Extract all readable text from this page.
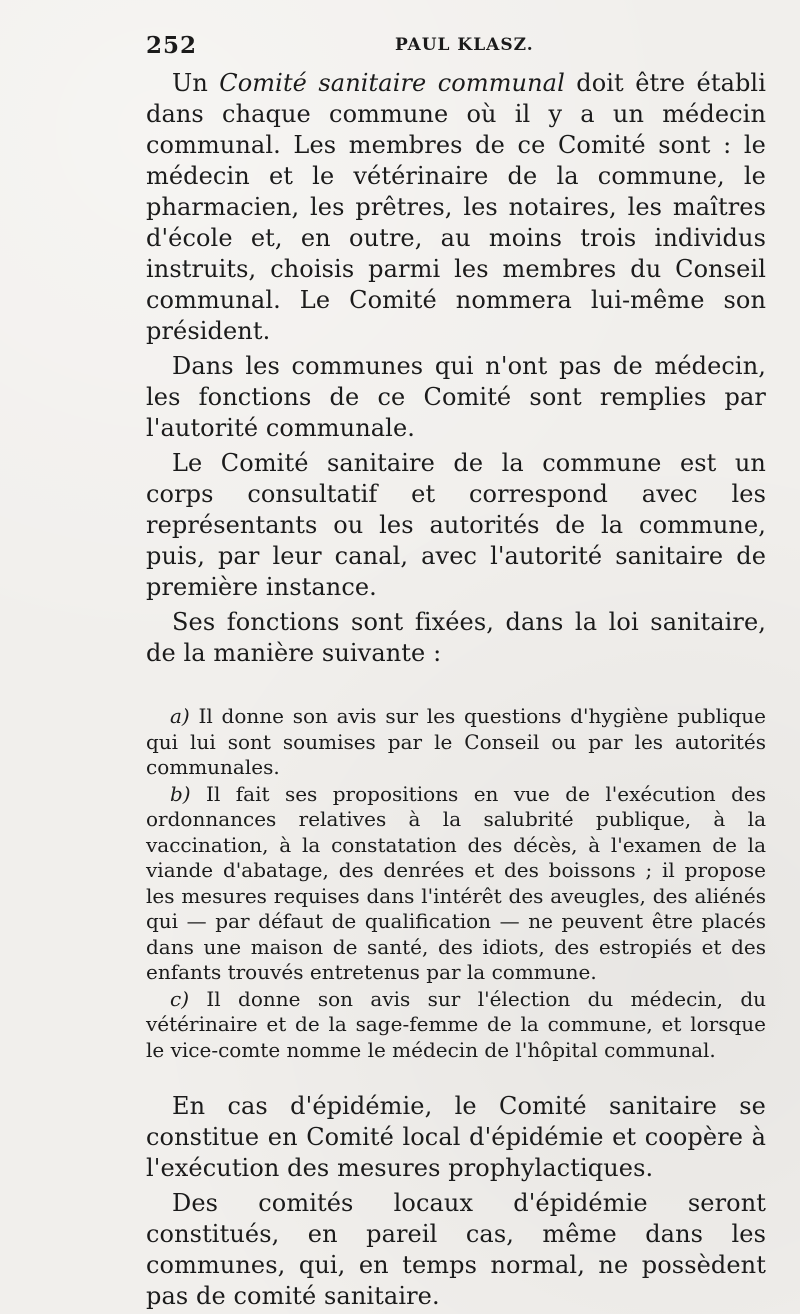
252	PAUL KLASZ.

Un Comité sanitaire communal doit être établi dans chaque commune où il y a un médecin communal. Les membres de ce Comité sont : le médecin et le vétérinaire de la commune, le pharmacien, les prêtres, les notaires, les maîtres d'école et, en outre, au moins trois individus instruits, choisis parmi les membres du Conseil communal. Le Comité nommera lui-même son président.

Dans les communes qui n'ont pas de médecin, les fonctions de ce Comité sont remplies par l'autorité communale.

Le Comité sanitaire de la commune est un corps consultatif et correspond avec les représentants ou les autorités de la commune, puis, par leur canal, avec l'autorité sanitaire de première instance.

Ses fonctions sont fixées, dans la loi sanitaire, de la manière suivante :

a) Il donne son avis sur les questions d'hygiène publique qui lui sont soumises par le Conseil ou par les autorités communales.

b) Il fait ses propositions en vue de l'exécution des ordonnances relatives à la salubrité publique, à la vaccination, à la constatation des décès, à l'examen de la viande d'abatage, des denrées et des boissons ; il propose les mesures requises dans l'intérêt des aveugles, des aliénés qui — par défaut de qualification — ne peuvent être placés dans une maison de santé, des idiots, des estropiés et des enfants trouvés entretenus par la commune.

c) Il donne son avis sur l'élection du médecin, du vétérinaire et de la sage-femme de la commune, et lorsque le vice-comte nomme le médecin de l'hôpital communal.

En cas d'épidémie, le Comité sanitaire se constitue en Comité local d'épidémie et coopère à l'exécution des mesures prophylactiques.

Des comités locaux d'épidémie seront constitués, en pareil cas, même dans les communes, qui, en temps normal, ne possèdent pas de comité sanitaire.
